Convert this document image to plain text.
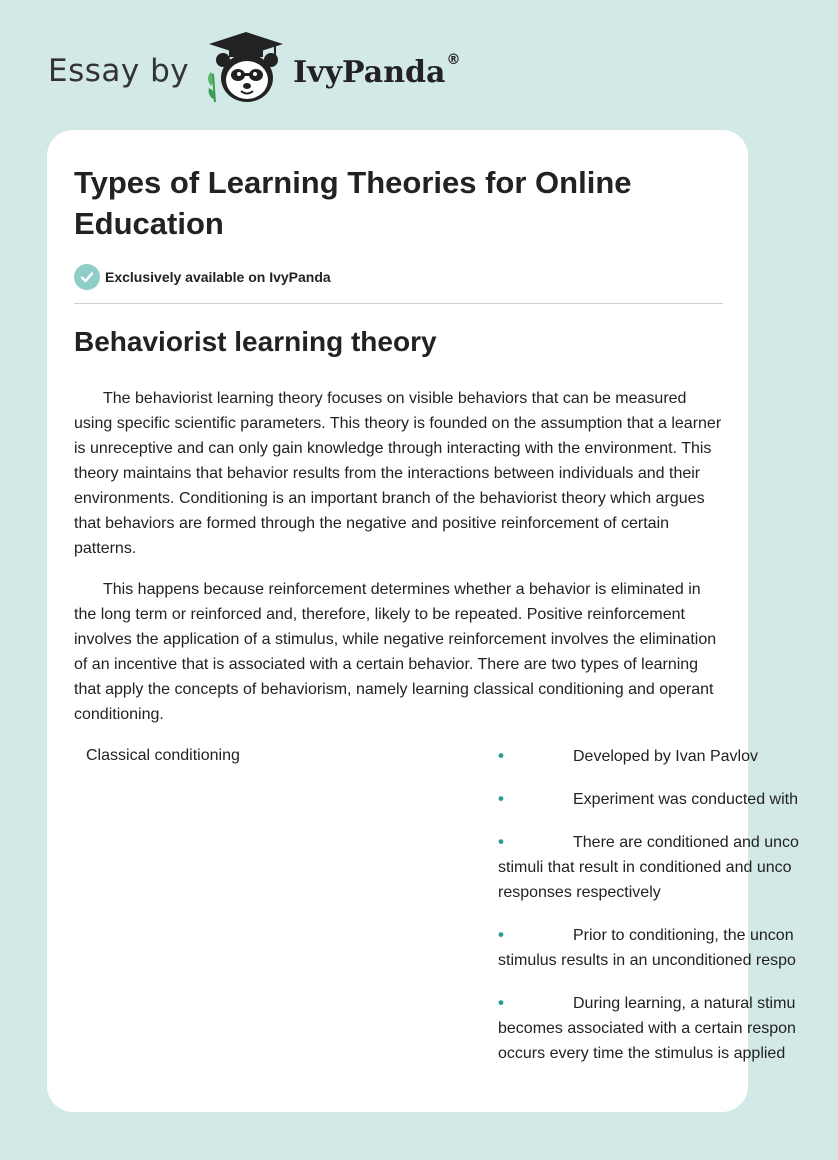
Essay by	IvyPanda®
Types of Learning Theories for Online Education
Exclusively available on IvyPanda
Behaviorist learning theory

The behaviorist learning theory focuses on visible behaviors that can be measured using specific scientific parameters. This theory is founded on the assumption that a learner is unreceptive and can only gain knowledge through interacting with the environment. This theory maintains that behavior results from the interactions between individuals and their environments. Conditioning is an important branch of the behaviorist theory which argues that behaviors are formed through the negative and positive reinforcement of certain patterns.

This happens because reinforcement determines whether a behavior is eliminated in the long term or reinforced and, therefore, likely to be repeated. Positive reinforcement involves the application of a stimulus, while negative reinforcement involves the elimination of an incentive that is associated with a certain behavior. There are two types of learning that apply the concepts of behaviorism, namely learning classical conditioning and operant conditioning.

Classical conditioning	•	Developed by Ivan Pavlov
•	Experiment was conducted with
•	There are conditioned and unco
stimuli that result in conditioned and unco
responses respectively
•	Prior to conditioning, the uncon
stimulus results in an unconditioned respo
•	During learning, a natural stimu
becomes associated with a certain respon
occurs every time the stimulus is applied
